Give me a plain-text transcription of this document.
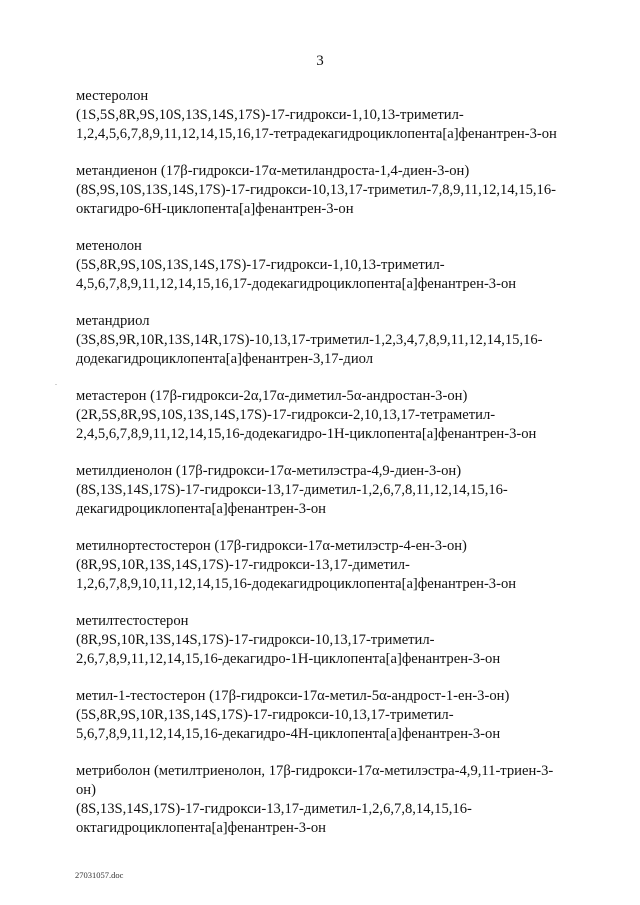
3
.

местеролон

(1S,5S,8R,9S,10S,13S,14S,17S)-17-гидрокси-1,10,13-триметил-

1,2,4,5,6,7,8,9,11,12,14,15,16,17-тетрадекагидроциклопента[a]фенантрен-3-он

метандиенон (17β-гидрокси-17α-метиландроста-1,4-диен-3-он)

(8S,9S,10S,13S,14S,17S)-17-гидрокси-10,13,17-триметил-7,8,9,11,12,14,15,16-

октагидро-6H-циклопента[a]фенантрен-3-он

метенолон

(5S,8R,9S,10S,13S,14S,17S)-17-гидрокси-1,10,13-триметил-

4,5,6,7,8,9,11,12,14,15,16,17-додекагидроциклопента[a]фенантрен-3-он

метандриол

(3S,8S,9R,10R,13S,14R,17S)-10,13,17-триметил-1,2,3,4,7,8,9,11,12,14,15,16-

додекагидроциклопента[a]фенантрен-3,17-диол

метастерон (17β-гидрокси-2α,17α-диметил-5α-андростан-3-он)

(2R,5S,8R,9S,10S,13S,14S,17S)-17-гидрокси-2,10,13,17-тетраметил-

2,4,5,6,7,8,9,11,12,14,15,16-додекагидро-1H-циклопента[a]фенантрен-3-он

метилдиенолон (17β-гидрокси-17α-метилэстра-4,9-диен-3-он)

(8S,13S,14S,17S)-17-гидрокси-13,17-диметил-1,2,6,7,8,11,12,14,15,16-

декагидроциклопента[a]фенантрен-3-он

метилнортестостерон (17β-гидрокси-17α-метилэстр-4-ен-3-он)

(8R,9S,10R,13S,14S,17S)-17-гидрокси-13,17-диметил-

1,2,6,7,8,9,10,11,12,14,15,16-додекагидроциклопента[a]фенантрен-3-он

метилтестостерон

(8R,9S,10R,13S,14S,17S)-17-гидрокси-10,13,17-триметил-

2,6,7,8,9,11,12,14,15,16-декагидро-1H-циклопента[a]фенантрен-3-он

метил-1-тестостерон (17β-гидрокси-17α-метил-5α-андрост-1-ен-3-он)

(5S,8R,9S,10R,13S,14S,17S)-17-гидрокси-10,13,17-триметил-

5,6,7,8,9,11,12,14,15,16-декагидро-4H-циклопента[a]фенантрен-3-он

метриболон (метилтриенолон, 17β-гидрокси-17α-метилэстра-4,9,11-триен-3-

он)

(8S,13S,14S,17S)-17-гидрокси-13,17-диметил-1,2,6,7,8,14,15,16-

октагидроциклопента[a]фенантрен-3-он

27031057.doc
